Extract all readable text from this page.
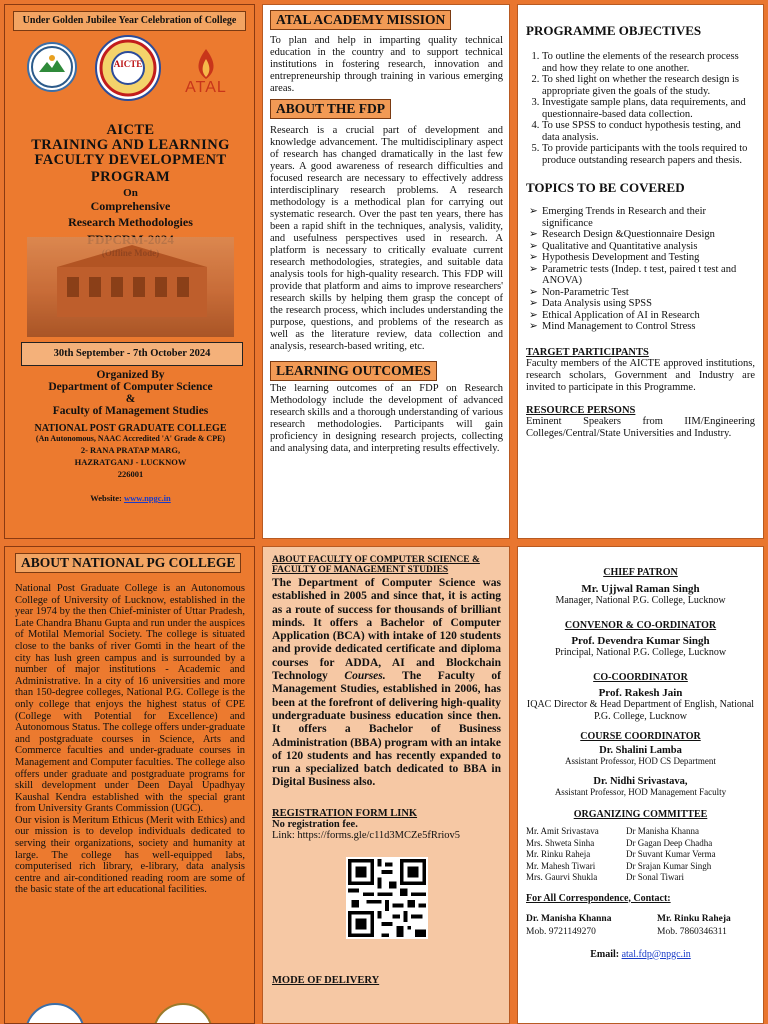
Under Golden Jubilee Year Celebration of College
AICTE
ATAL
AICTE
TRAINING AND LEARNING
FACULTY DEVELOPMENT
PROGRAM
On
Comprehensive
Research Methodologies
30th September - 7th October 2024
Organized By
Department of Computer Science
&
Faculty of Management Studies
NATIONAL POST GRADUATE COLLEGE
(An Autonomous, NAAC Accredited 'A' Grade & CPE)
2- RANA PRATAP MARG,
HAZRATGANJ - LUCKNOW
226001
Website: www.npgc.in
ATAL ACADEMY MISSION
To plan and help in imparting quality technical education in the country and to support technical institutions in fostering research, innovation and entrepreneurship through training in various emerging areas.
ABOUT THE FDP
Research is a crucial part of development and knowledge advancement. The multidisciplinary aspect of research has changed dramatically in the last few years. A good awareness of research difficulties and focused research are necessary to effectively address interdisciplinary research problems. A research methodology is a methodical plan for carrying out systematic research. Over the past ten years, there has been a rapid shift in the techniques, analysis, validity, and usefulness perspectives used in research. A platform is necessary to critically evaluate current research methodologies, strategies, and suitable data analysis tools for high-quality research. This FDP will provide that platform and aims to improve researchers' research skills by helping them grasp the concept of the research process, which includes understanding the purpose, questions, and problems of the research as well as the literature review, data collection and analysis, research-based writing, etc.
LEARNING OUTCOMES
The learning outcomes of an FDP on Research Methodology include the development of advanced research skills and a thorough understanding of various research methodologies. Participants will gain proficiency in designing research projects, collecting and analysing data, and interpreting results effectively.
PROGRAMME OBJECTIVES
1. To outline the elements of the research process and how they relate to one another.
2. To shed light on whether the research design is appropriate given the goals of the study.
3. Investigate sample plans, data requirements, and questionnaire-based data collection.
4. To use SPSS to conduct hypothesis testing, and data analysis.
5. To provide participants with the tools required to produce outstanding research papers and thesis.
TOPICS TO BE COVERED
➢ Emerging Trends in Research and their significance
➢ Research Design &Questionnaire Design
➢ Qualitative and Quantitative analysis
➢ Hypothesis Development and Testing
➢ Parametric tests (Indep. t test, paired t test and ANOVA)
➢ Non-Parametric Test
➢ Data Analysis using SPSS
➢ Ethical Application of AI in Research
➢ Mind Management to Control Stress
TARGET PARTICIPANTS
Faculty members of the AICTE approved institutions, research scholars, Government and Industry are invited to participate in this Programme.
RESOURCE PERSONS
Eminent Speakers from IIM/Engineering Colleges/Central/State Universities and Industry.
ABOUT NATIONAL PG COLLEGE
National Post Graduate College is an Autonomous College of University of Lucknow, established in the year 1974 by the then Chief-minister of Uttar Pradesh, Late Chandra Bhanu Gupta and run under the auspices of Motilal Memorial Society. The college is situated close to the banks of river Gomti in the heart of the city has lush green campus and is surrounded by a number of major institutions - Academic and Administrative. In a city of 16 universities and more than 150-degree colleges, National P.G. College is the only college that enjoys the highest status of CPE (College with Potential for Excellence) and Autonomous Status. The college offers under-graduate and postgraduate courses in Science, Arts and Commerce faculties and under-graduate courses in Management and Computer faculties. The college also offers under graduate and postgraduate programs for skill development under Deen Dayal Upadhyay Kaushal Kendra established with the special grant from University Grants Commission (UGC).
Our vision is Meritum Ethicus (Merit with Ethics) and our mission is to develop individuals dedicated to serving their organizations, society and humanity at large. The college has well-equipped labs, computerised rich library, e-library, data analysis centre and air-conditioned reading room are some of the basic state of the art educational facilities.
ABOUT FACULTY OF COMPUTER SCIENCE & FACULTY OF MANAGEMENT STUDIES
The Department of Computer Science was established in 2005 and since that, it is acting as a route of success for thousands of brilliant minds. It offers a Bachelor of Computer Application (BCA) with intake of 120 students and provide dedicated certificate and diploma courses for ADDA, AI and Blockchain Technology Courses. The Faculty of Management Studies, established in 2006, has been at the forefront of delivering high-quality undergraduate business education since then. It offers a Bachelor of Business Administration (BBA) program with an intake of 120 students and has recently expanded to run a specialized batch dedicated to BBA in Digital Business also.
REGISTRATION FORM LINK
No registration fee.
Link: https://forms.gle/c11d3MCZe5fRriov5
MODE OF DELIVERY
CHIEF PATRON
Mr. Ujjwal Raman Singh
Manager, National P.G. College, Lucknow
CONVENOR & CO-ORDINATOR
Prof. Devendra Kumar Singh
Principal, National P.G. College, Lucknow
CO-COORDINATOR
Prof. Rakesh Jain
IQAC Director & Head Department of English, National P.G. College, Lucknow
COURSE COORDINATOR
Dr. Shalini Lamba
Assistant Professor, HOD CS Department
Dr. Nidhi Srivastava,
Assistant Professor, HOD Management Faculty
ORGANIZING COMMITTEE
Mr. Amit Srivastava
Mrs. Shweta Sinha
Mr. Rinku Raheja
Mr. Mahesh Tiwari
Mrs. Gaurvi Shukla
Dr Manisha Khanna
Dr Gagan Deep Chadha
Dr Suvant Kumar Verma
Dr Srajan Kumar Singh
Dr Sonal Tiwari
For All Correspondence, Contact:
Dr. Manisha Khanna
Mob. 9721149270
Mr. Rinku Raheja
Mob. 7860346311
Email: atal.fdp@npgc.in
